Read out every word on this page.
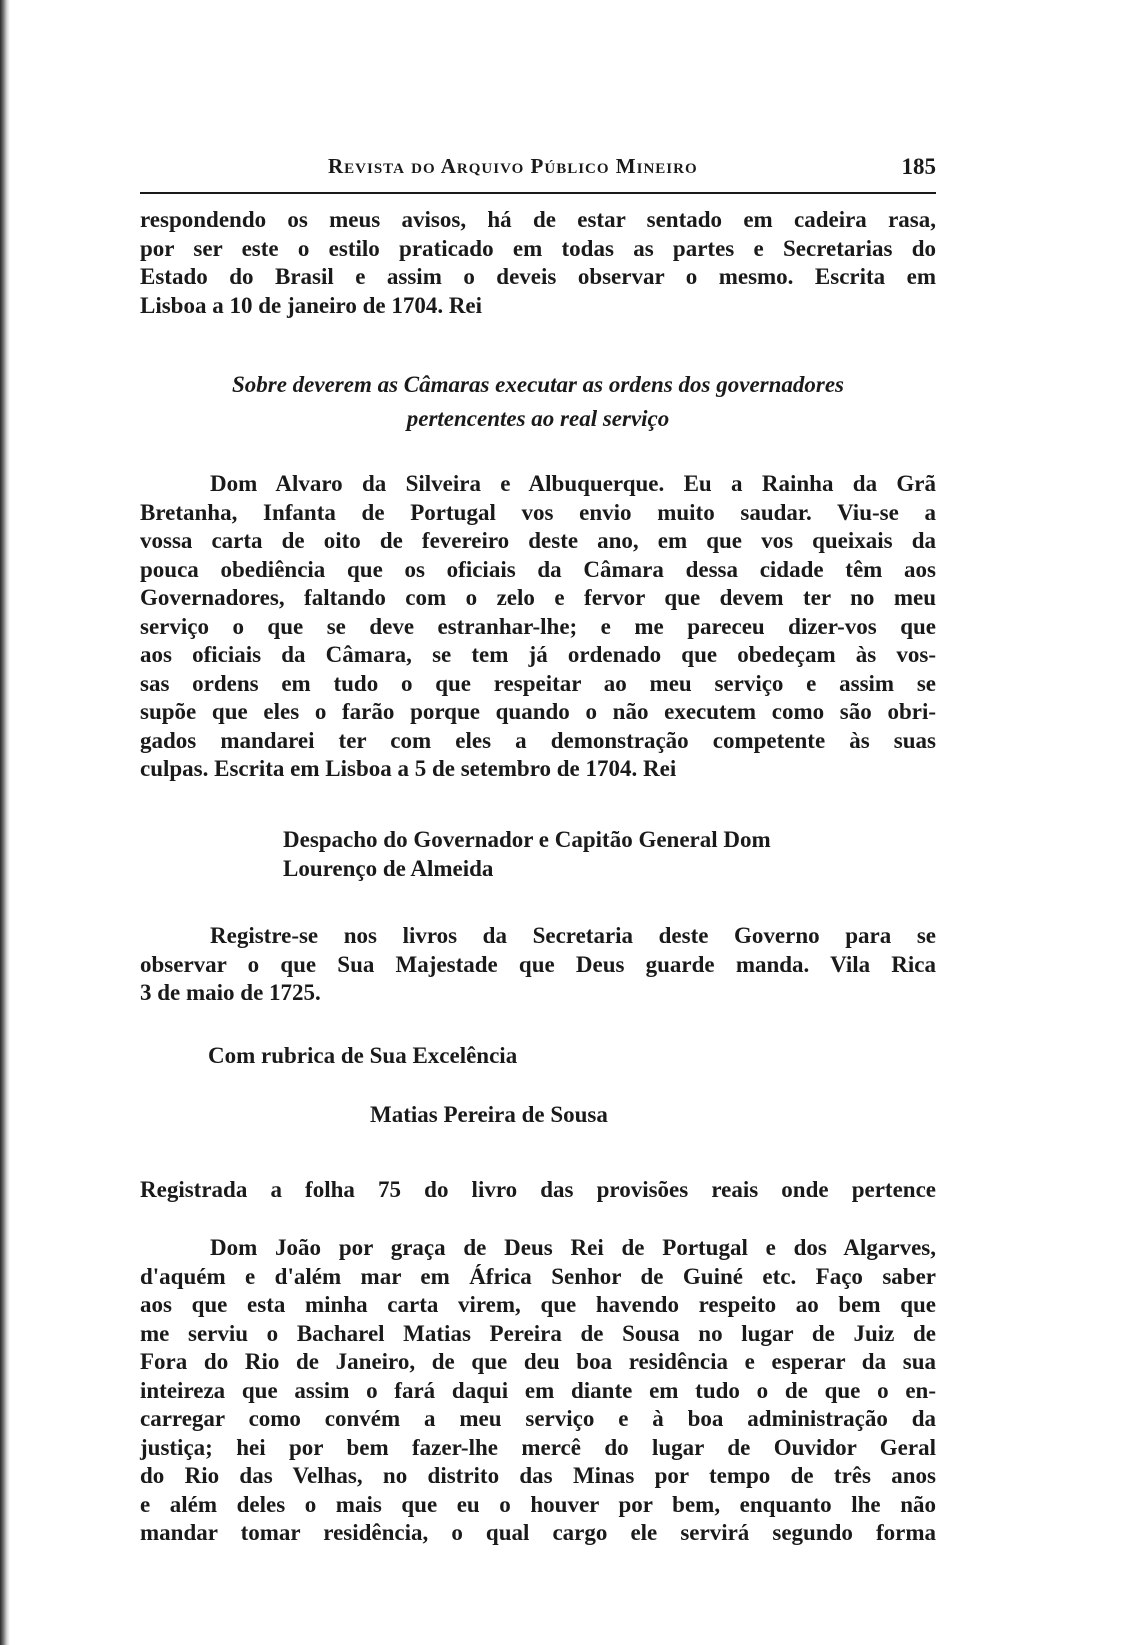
Revista do Arquivo Público Mineiro	185
respondendo os meus avisos, há de estar sentado em cadeira rasa,
por ser este o estilo praticado em todas as partes e Secretarias do
Estado do Brasil e assim o deveis observar o mesmo. Escrita em
Lisboa a 10 de janeiro de 1704. Rei
Sobre deverem as Câmaras executar as ordens dos governadores
pertencentes ao real serviço
Dom Alvaro da Silveira e Albuquerque. Eu a Rainha da Grã
Bretanha, Infanta de Portugal vos envio muito saudar. Viu-se a
vossa carta de oito de fevereiro deste ano, em que vos queixais da
pouca obediência que os oficiais da Câmara dessa cidade têm aos
Governadores, faltando com o zelo e fervor que devem ter no meu
serviço o que se deve estranhar-lhe; e me pareceu dizer-vos que
aos oficiais da Câmara, se tem já ordenado que obedeçam às vos-
sas ordens em tudo o que respeitar ao meu serviço e assim se
supõe que eles o farão porque quando o não executem como são obri-
gados mandarei ter com eles a demonstração competente às suas
culpas. Escrita em Lisboa a 5 de setembro de 1704. Rei
Despacho do Governador e Capitão General Dom
Lourenço de Almeida
Registre-se nos livros da Secretaria deste Governo para se
observar o que Sua Majestade que Deus guarde manda. Vila Rica
3 de maio de 1725.
Com rubrica de Sua Excelência
Matias Pereira de Sousa
Registrada a folha 75 do livro das provisões reais onde pertence
Dom João por graça de Deus Rei de Portugal e dos Algarves,
d'aquém e d'além mar em África Senhor de Guiné etc. Faço saber
aos que esta minha carta virem, que havendo respeito ao bem que
me serviu o Bacharel Matias Pereira de Sousa no lugar de Juiz de
Fora do Rio de Janeiro, de que deu boa residência e esperar da sua
inteireza que assim o fará daqui em diante em tudo o de que o en-
carregar como convém a meu serviço e à boa administração da
justiça; hei por bem fazer-lhe mercê do lugar de Ouvidor Geral
do Rio das Velhas, no distrito das Minas por tempo de três anos
e além deles o mais que eu o houver por bem, enquanto lhe não
mandar tomar residência, o qual cargo ele servirá segundo forma
